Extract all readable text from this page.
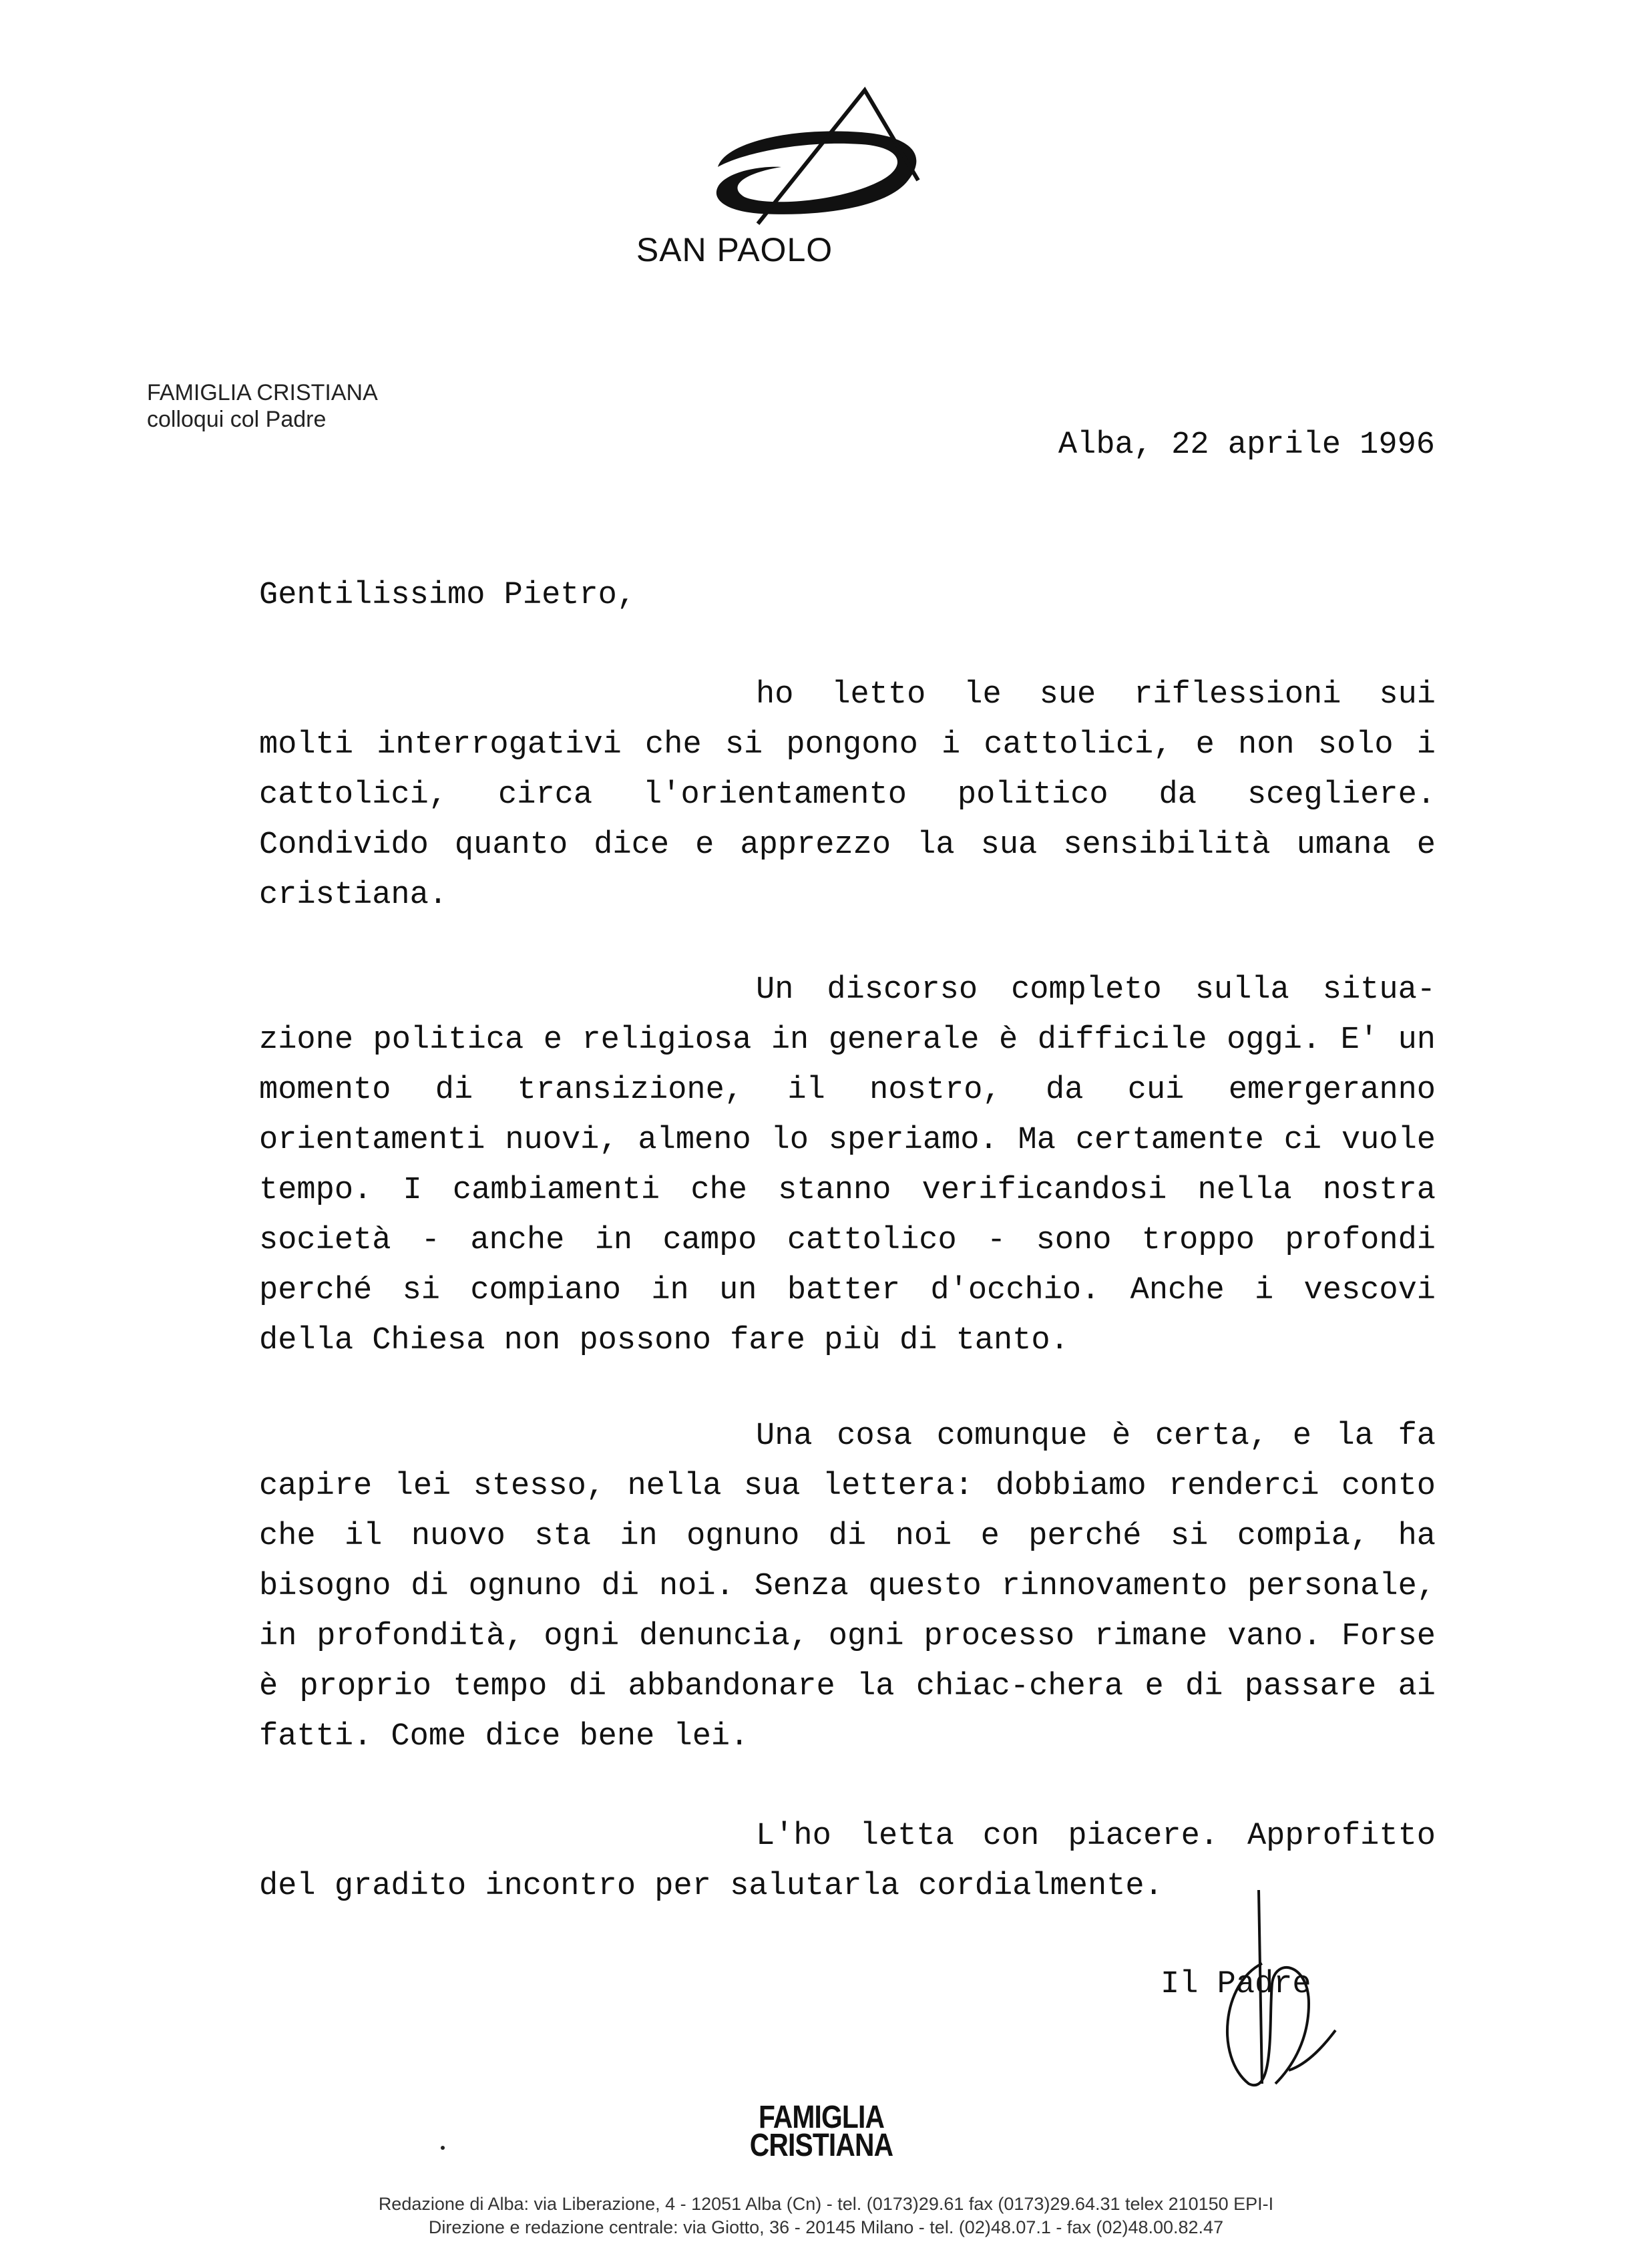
SAN PAOLO
FAMIGLIA CRISTIANA
colloqui col Padre
Alba, 22 aprile 1996
Gentilissimo Pietro,
ho letto le sue riflessioni sui molti interrogativi che si pongono i cattolici, e non solo i cattolici, circa l'orientamento politico da scegliere. Condivido quanto dice e apprezzo la sua sensibilità umana e cristiana.
Un discorso completo sulla situa- zione politica e religiosa in generale è difficile oggi. E' un momento di transizione, il nostro, da cui emergeranno orientamenti nuovi, almeno lo speriamo. Ma certamente ci vuole tempo. I cambiamenti che stanno verificandosi nella nostra società - anche in campo cattolico - sono troppo profondi perché si compiano in un batter d'occhio. Anche i vescovi della Chiesa non possono fare più di tanto.
Una cosa comunque è certa, e la fa capire lei stesso, nella sua lettera: dobbiamo renderci conto che il nuovo sta in ognuno di noi e perché si compia, ha bisogno di ognuno di noi. Senza questo rinnovamento personale, in profondità, ogni denuncia, ogni processo rimane vano. Forse è proprio tempo di abbandonare la chiac-chera e di passare ai fatti. Come dice bene lei.
L'ho letta con piacere. Approfitto del gradito incontro per salutarla cordialmente.
Il Padre
FAMIGLIA
CRISTIANA
Redazione di Alba: via Liberazione, 4 - 12051 Alba (Cn) - tel. (0173)29.61 fax (0173)29.64.31 telex 210150 EPI-I
Direzione e redazione centrale: via Giotto, 36 - 20145 Milano - tel. (02)48.07.1 - fax (02)48.00.82.47
